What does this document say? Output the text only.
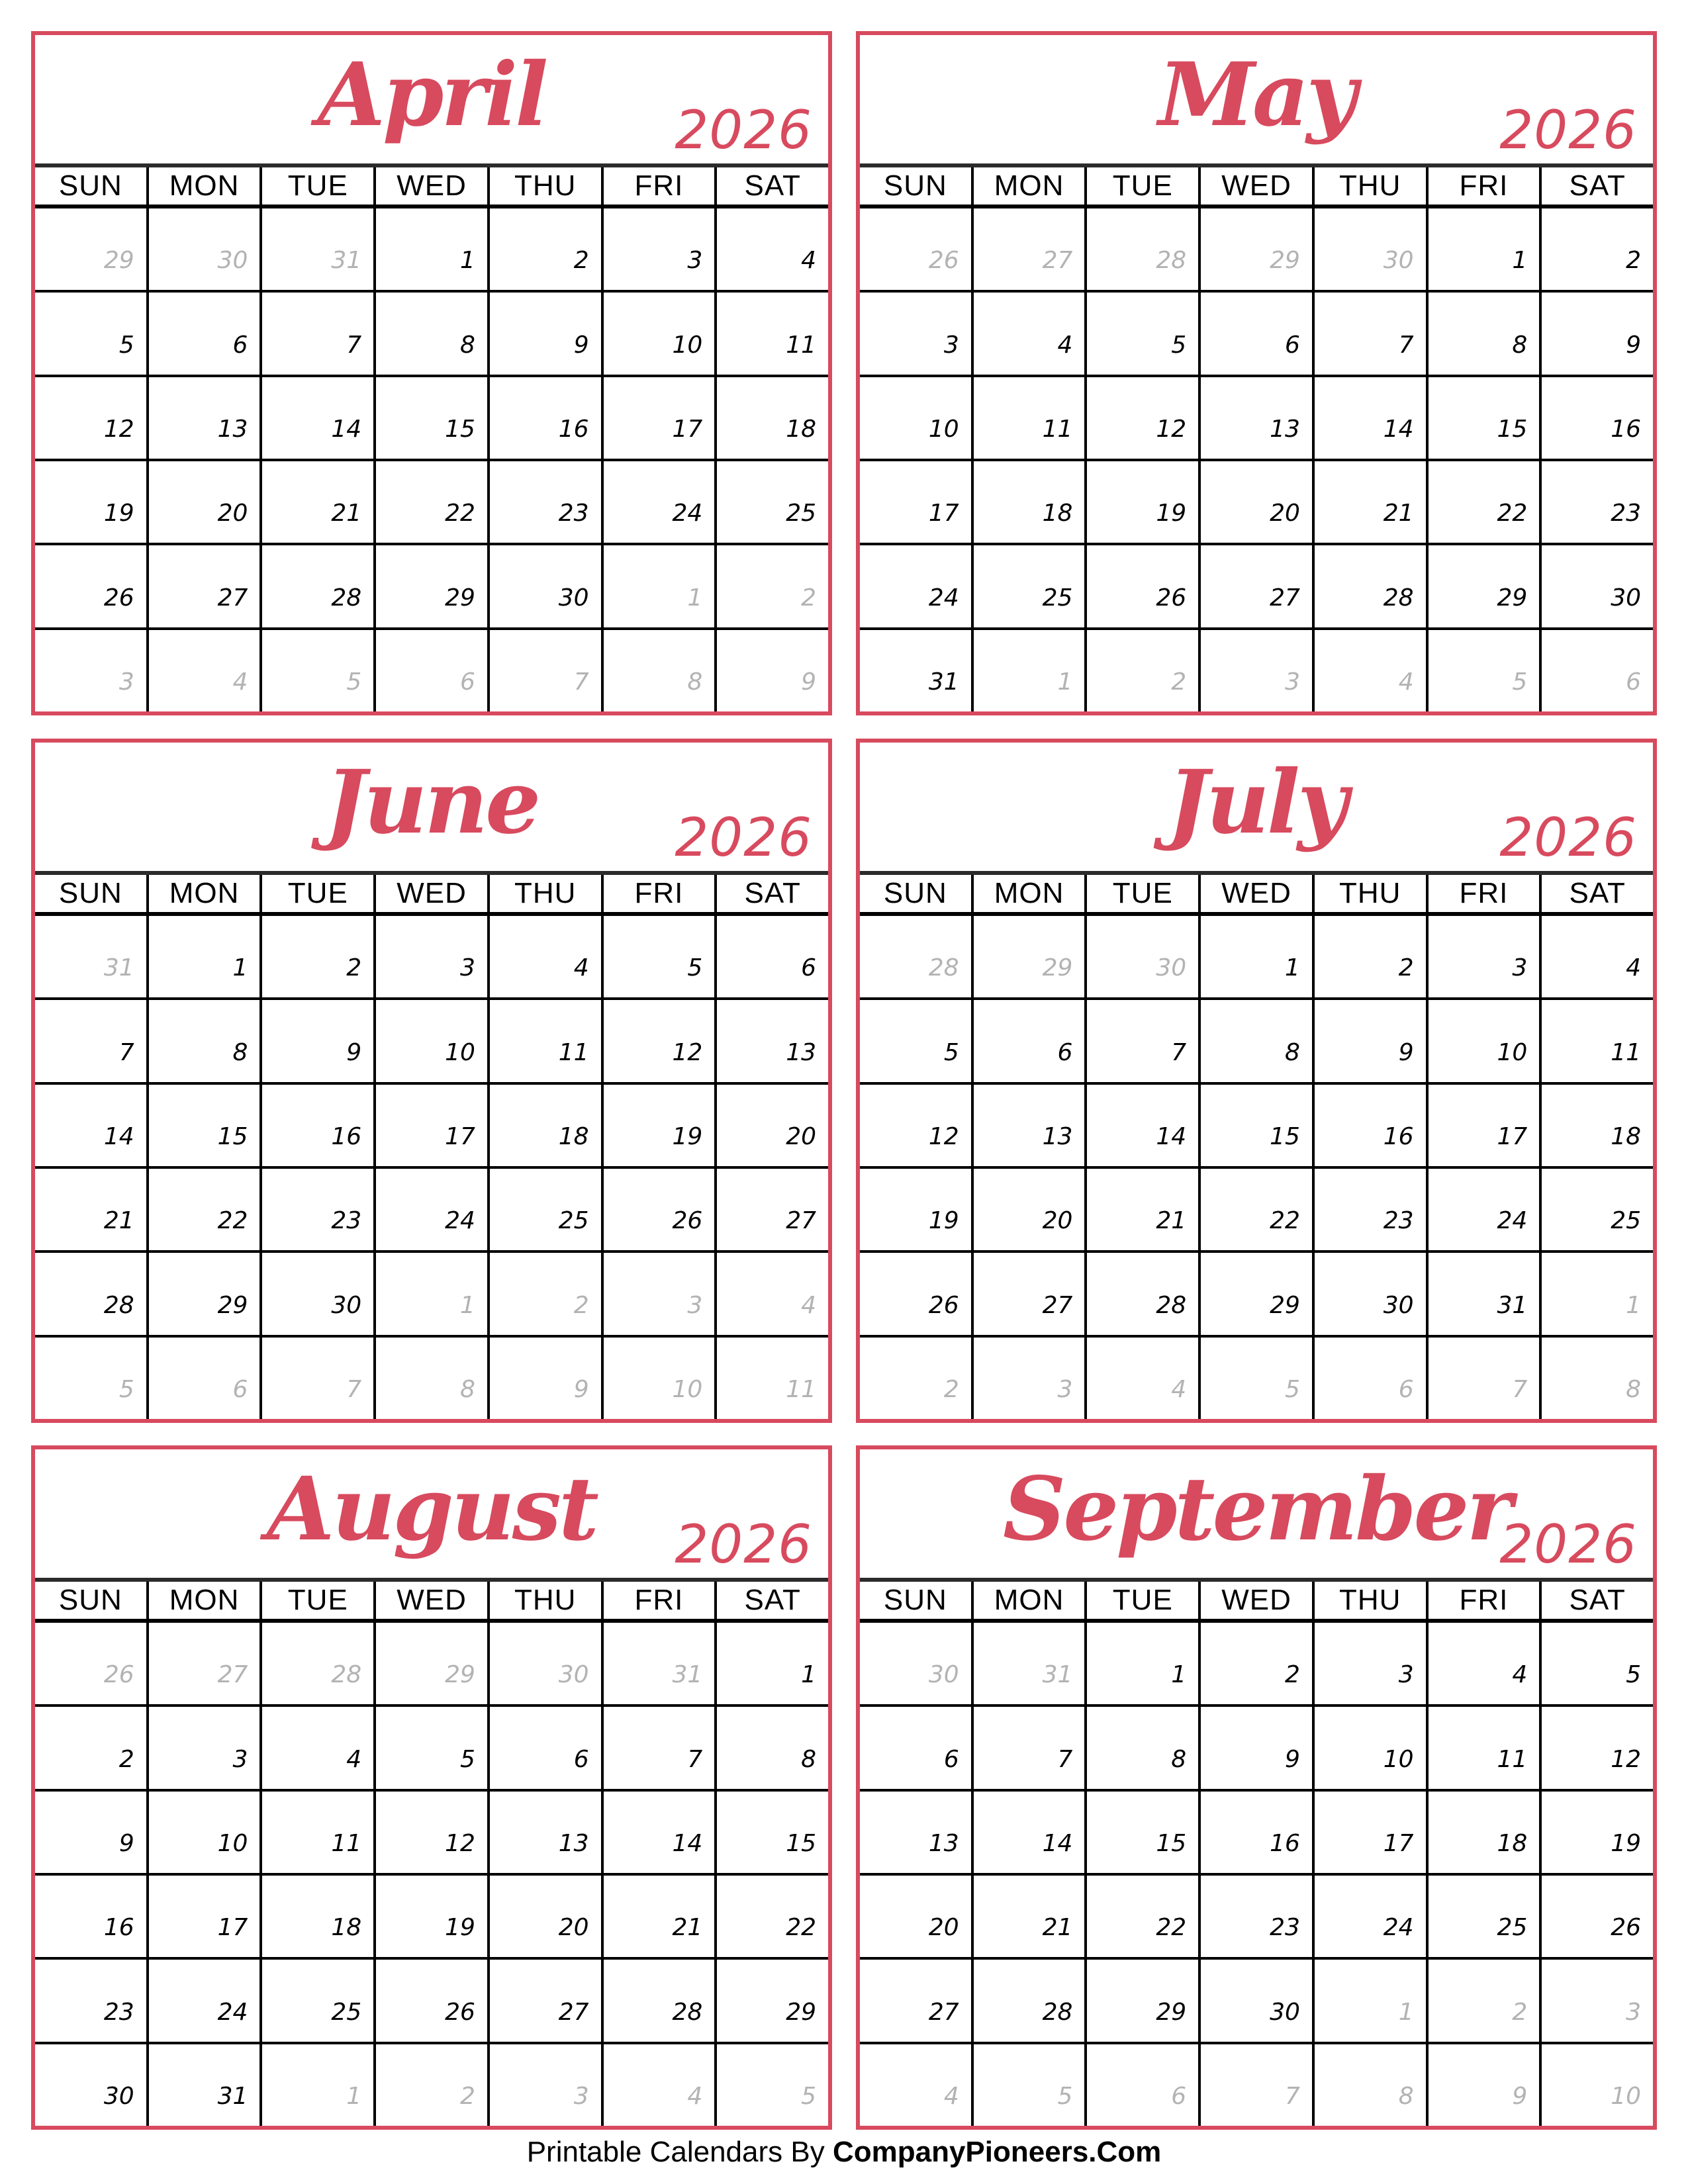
April	2026
SUN	MON	TUE	WED	THU	FRI	SAT
29	30	31	1	2	3	4
5	6	7	8	9	10	11
12	13	14	15	16	17	18
19	20	21	22	23	24	25
26	27	28	29	30	1	2
3	4	5	6	7	8	9
May	2026
SUN	MON	TUE	WED	THU	FRI	SAT
26	27	28	29	30	1	2
3	4	5	6	7	8	9
10	11	12	13	14	15	16
17	18	19	20	21	22	23
24	25	26	27	28	29	30
31	1	2	3	4	5	6
June	2026
SUN	MON	TUE	WED	THU	FRI	SAT
31	1	2	3	4	5	6
7	8	9	10	11	12	13
14	15	16	17	18	19	20
21	22	23	24	25	26	27
28	29	30	1	2	3	4
5	6	7	8	9	10	11
July	2026
SUN	MON	TUE	WED	THU	FRI	SAT
28	29	30	1	2	3	4
5	6	7	8	9	10	11
12	13	14	15	16	17	18
19	20	21	22	23	24	25
26	27	28	29	30	31	1
2	3	4	5	6	7	8
August	2026
SUN	MON	TUE	WED	THU	FRI	SAT
26	27	28	29	30	31	1
2	3	4	5	6	7	8
9	10	11	12	13	14	15
16	17	18	19	20	21	22
23	24	25	26	27	28	29
30	31	1	2	3	4	5
September
2026
SUN	MON	TUE	WED	THU	FRI	SAT
30	31	1	2	3	4	5
6	7	8	9	10	11	12
13	14	15	16	17	18	19
20	21	22	23	24	25	26
27	28	29	30	1	2	3
4	5	6	7	8	9	10
Printable Calendars By CompanyPioneers.Com
